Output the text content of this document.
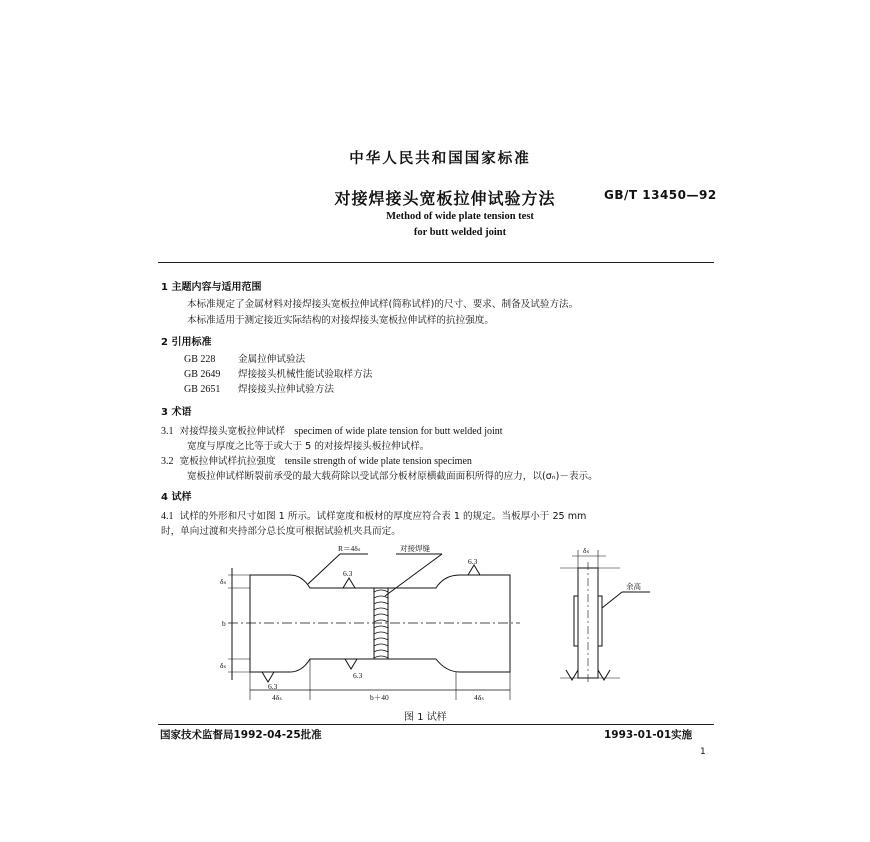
中华人民共和国国家标准
对接焊接头宽板拉伸试验方法	GB/T 13450—92
Method of wide plate tension test
for butt welded joint
1 主题内容与适用范围
本标准规定了金属材料对接焊接头宽板拉伸试样(简称试样)的尺寸、要求、制备及试验方法。
本标准适用于测定接近实际结构的对接焊接头宽板拉伸试样的抗拉强度。
2 引用标准
GB 228 金属拉伸试验法
GB 2649 焊接接头机械性能试验取样方法
GB 2651 焊接接头拉伸试验方法
3 术语
3.1 对接焊接头宽板拉伸试样 specimen of wide plate tension for butt welded joint
宽度与厚度之比等于或大于 5 的对接焊接头板拉伸试样。
3.2 宽板拉伸试样抗拉强度 tensile strength of wide plate tension specimen
宽板拉伸试样断裂前承受的最大载荷除以受试部分板材原横截面面积所得的应力，以(σₙ)－表示。
4 试样
4.1 试样的外形和尺寸如图 1 所示。试样宽度和板材的厚度应符合表 1 的规定。当板厚小于 25 mm
时，单向过渡和夹持部分总长度可根据试验机夹具而定。
R＝4δₛ	对接焊缝
6.3
6.3
6.3
6.3
4δₛ	b＋40	4δₛ
b
δₛ
δₛ
δₛ
余高
图 1 试样
国家技术监督局1992-04-25批准	1993-01-01实施
1
